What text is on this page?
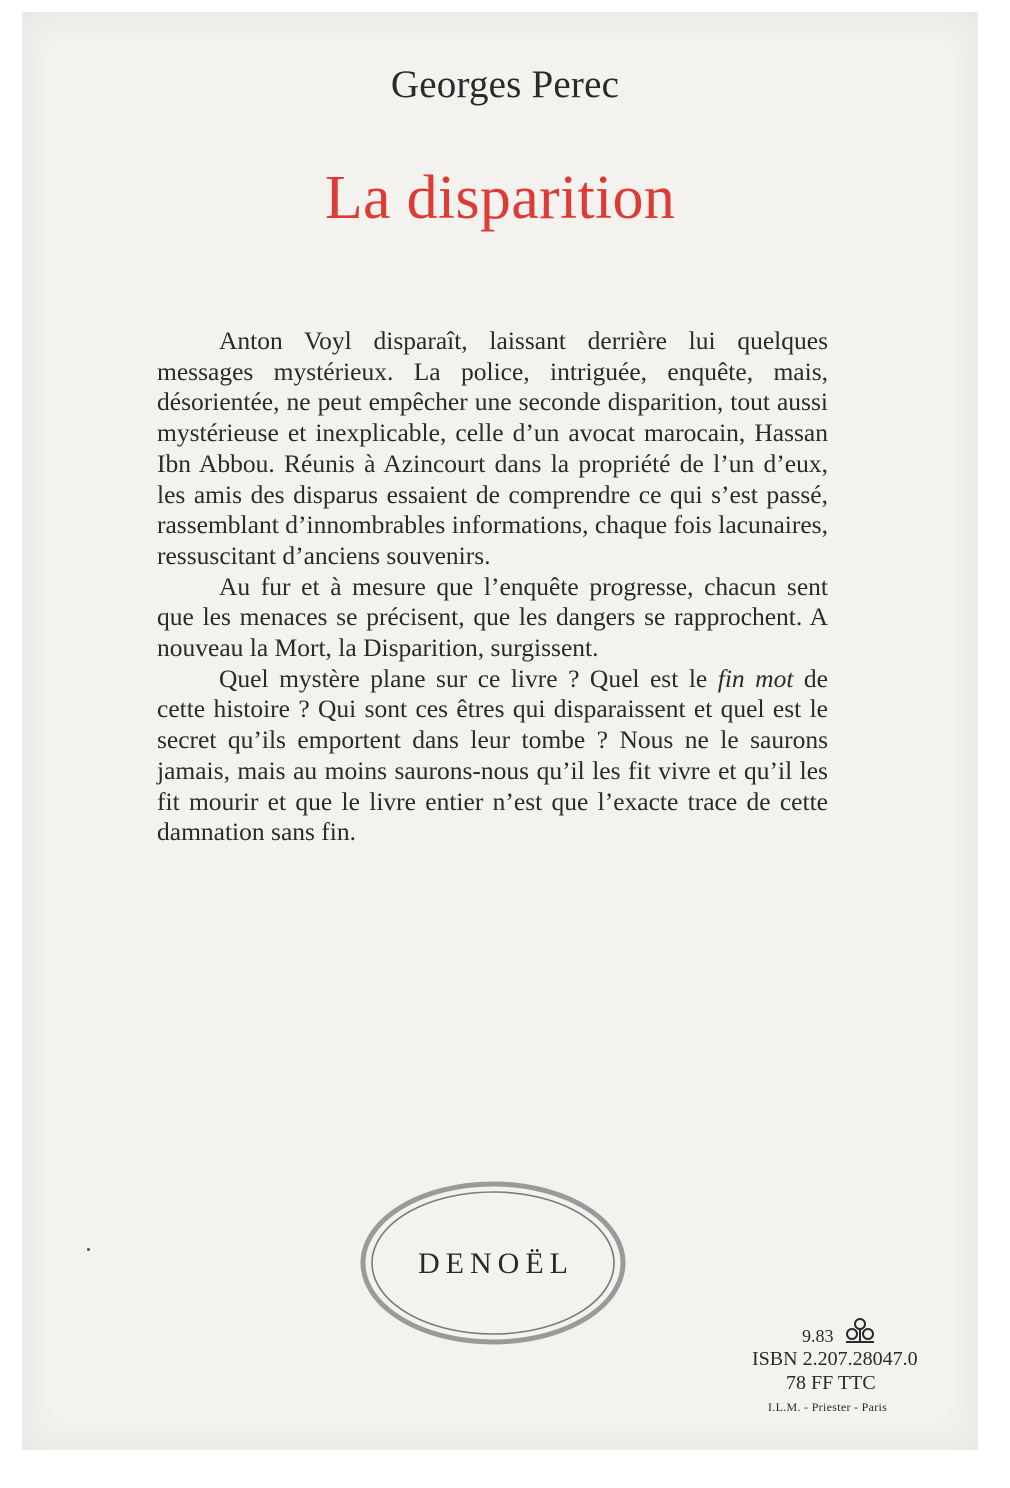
Georges Perec
La disparition

Anton Voyl disparaît, laissant derrière lui quelques messages mystérieux. La police, intriguée, enquête, mais, désorientée, ne peut empêcher une seconde disparition, tout aussi mystérieuse et inexplicable, celle d’un avocat marocain, Hassan Ibn Abbou. Réunis à Azincourt dans la propriété de l’un d’eux, les amis des disparus essaient de comprendre ce qui s’est passé, rassemblant d’innombrables informations, chaque fois lacunaires, ressuscitant d’anciens souvenirs.

Au fur et à mesure que l’enquête progresse, chacun sent que les menaces se précisent, que les dangers se rapprochent. A nouveau la Mort, la Disparition, surgissent.

Quel mystère plane sur ce livre ? Quel est le fin mot de cette histoire ? Qui sont ces êtres qui disparaissent et quel est le secret qu’ils emportent dans leur tombe ? Nous ne le saurons jamais, mais au moins saurons-nous qu’il les fit vivre et qu’il les fit mourir et que le livre entier n’est que l’exacte trace de cette damnation sans fin.

DENOËL
9.83
ISBN 2.207.28047.0
78 FF TTC
I.L.M. - Priester - Paris
